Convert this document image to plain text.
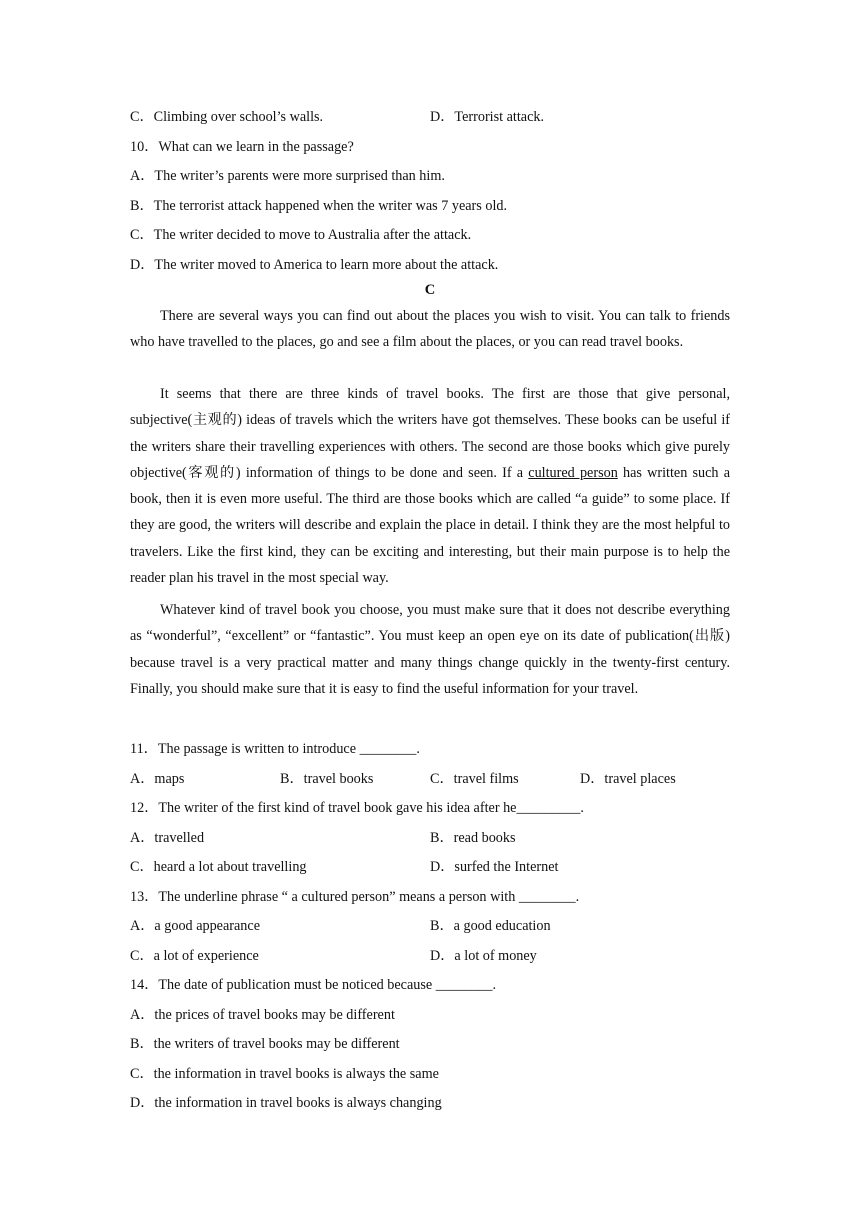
C．Climbing over school’s walls.	D．Terrorist attack.
10．What can we learn in the passage?
A．The writer’s parents were more surprised than him.
B．The terrorist attack happened when the writer was 7 years old.
C．The writer decided to move to Australia after the attack.
D．The writer moved to America to learn more about the attack.
C
There are several ways you can find out about the places you wish to visit. You can talk to friends who have travelled to the places, go and see a film about the places, or you can read travel books.
It seems that there are three kinds of travel books. The first are those that give personal, subjective(主观的) ideas of travels which the writers have got themselves. These books can be useful if the writers share their travelling experiences with others. The second are those books which give purely objective(客观的) information of things to be done and seen. If a cultured person has written such a book, then it is even more useful. The third are those books which are called “a guide” to some place. If they are good, the writers will describe and explain the place in detail. I think they are the most helpful to travelers. Like the first kind, they can be exciting and interesting, but their main purpose is to help the reader plan his travel in the most special way.
Whatever kind of travel book you choose, you must make sure that it does not describe everything as “wonderful”, “excellent” or “fantastic”. You must keep an open eye on its date of publication(出版) because travel is a very practical matter and many things change quickly in the twenty-first century. Finally, you should make sure that it is easy to find the useful information for your travel.
11．The passage is written to introduce ________.
A．maps	B．travel books	C．travel films	D．travel places
12．The writer of the first kind of travel book gave his idea after he_________.
A．travelled	B．read books
C．heard a lot about travelling	D．surfed the Internet
13．The underline phrase “ a cultured person” means a person with ________.
A．a good appearance	B．a good education
C．a lot of experience	D．a lot of money
14．The date of publication must be noticed because ________.
A．the prices of travel books may be different
B．the writers of travel books may be different
C．the information in travel books is always the same
D．the information in travel books is always changing
